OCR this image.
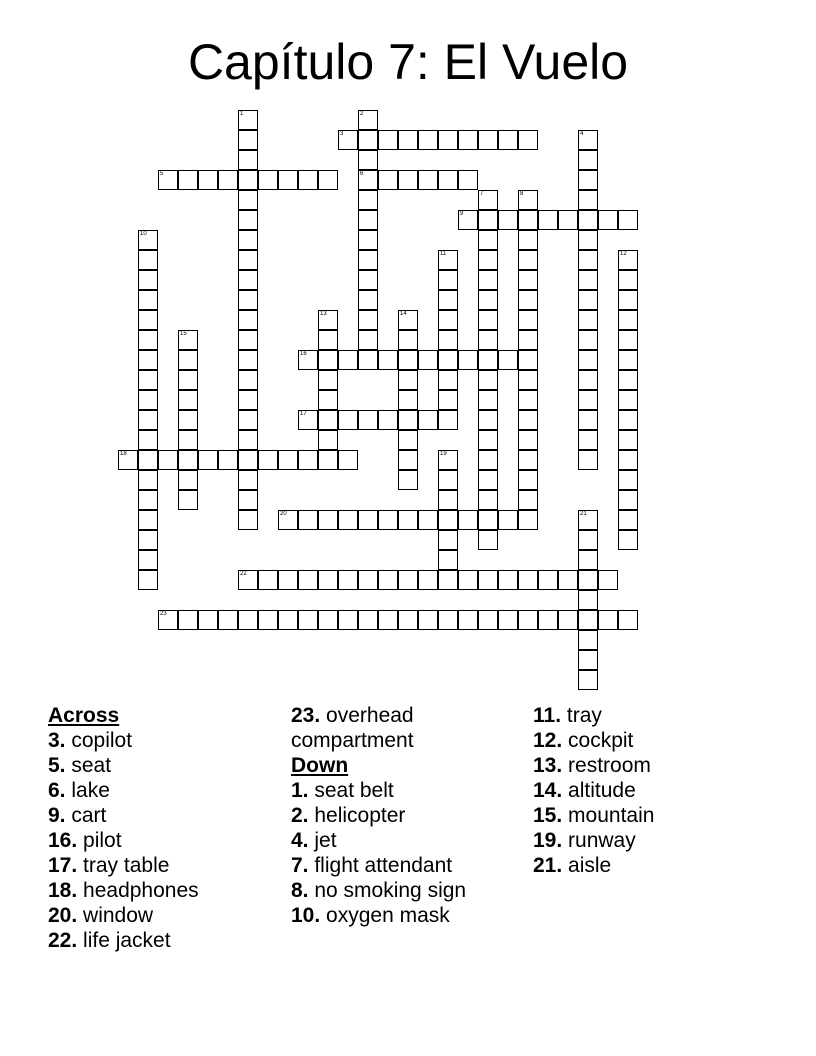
Capítulo 7: El Vuelo
1	2
6
3	4
5
7	8
9
10
11	12
13	14
15
16
17
18	19
20	21
22
23
Across
3. copilot
5. seat
6. lake
9. cart
16. pilot
17. tray table
18. headphones
20. window
22. life jacket
23. overhead compartment
Down
1. seat belt
2. helicopter
4. jet
7. flight attendant
8. no smoking sign
10. oxygen mask
11. tray
12. cockpit
13. restroom
14. altitude
15. mountain
19. runway
21. aisle
